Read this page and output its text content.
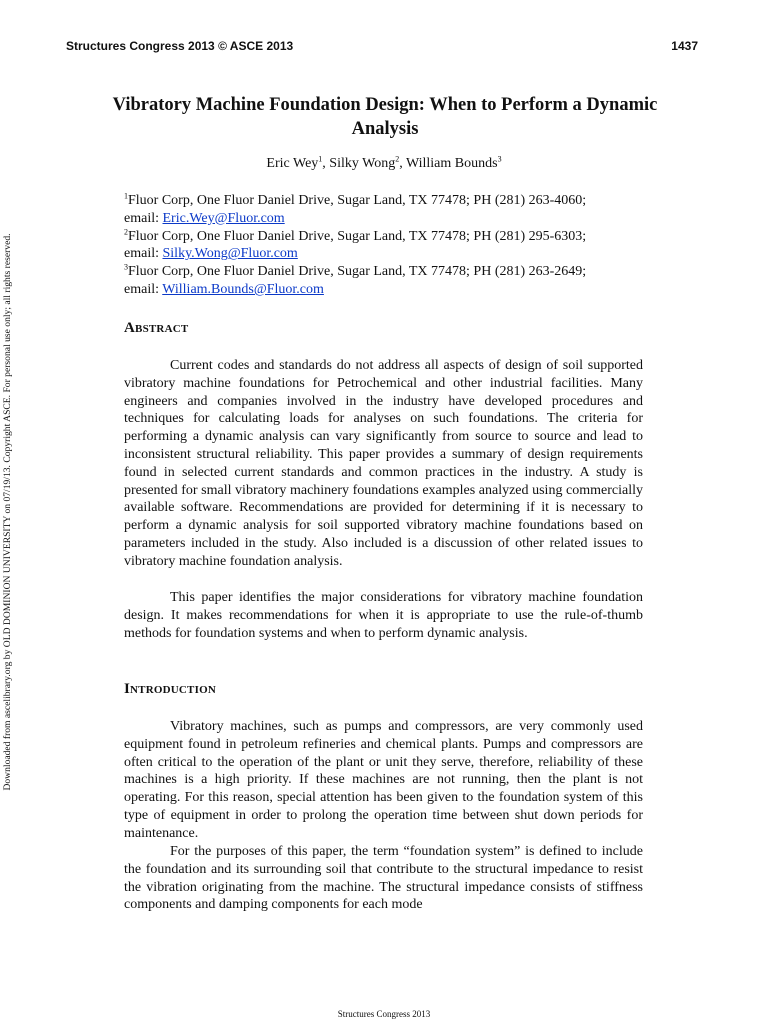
Structures Congress 2013 © ASCE 2013	1437
Downloaded from ascelibrary.org by OLD DOMINION UNIVERSITY on 07/19/13. Copyright ASCE. For personal use only; all rights reserved.
Vibratory Machine Foundation Design: When to Perform a Dynamic Analysis
Eric Wey$^1$, Silky Wong$^2$, William Bounds$^3$
$^1$Fluor Corp, One Fluor Daniel Drive, Sugar Land, TX 77478; PH (281) 263-4060;
email: Eric.Wey@Fluor.com
$^2$Fluor Corp, One Fluor Daniel Drive, Sugar Land, TX 77478; PH (281) 295-6303;
email: Silky.Wong@Fluor.com
$^3$Fluor Corp, One Fluor Daniel Drive, Sugar Land, TX 77478; PH (281) 263-2649;
email: William.Bounds@Fluor.com
Abstract

Current codes and standards do not address all aspects of design of soil supported vibratory machine foundations for Petrochemical and other industrial facilities. Many engineers and companies involved in the industry have developed procedures and techniques for calculating loads for analyses on such foundations. The criteria for performing a dynamic analysis can vary significantly from source to source and lead to inconsistent structural reliability. This paper provides a summary of design requirements found in selected current standards and common practices in the industry. A study is presented for small vibratory machinery foundations examples analyzed using commercially available software. Recommendations are provided for determining if it is necessary to perform a dynamic analysis for soil supported vibratory machine foundations based on parameters included in the study. Also included is a discussion of other related issues to vibratory machine foundation analysis.

This paper identifies the major considerations for vibratory machine foundation design. It makes recommendations for when it is appropriate to use the rule-of-thumb methods for foundation systems and when to perform dynamic analysis.

Introduction

Vibratory machines, such as pumps and compressors, are very commonly used equipment found in petroleum refineries and chemical plants. Pumps and compressors are often critical to the operation of the plant or unit they serve, therefore, reliability of these machines is a high priority. If these machines are not running, then the plant is not operating. For this reason, special attention has been given to the foundation system of this type of equipment in order to prolong the operation time between shut down periods for maintenance.

For the purposes of this paper, the term “foundation system” is defined to include the foundation and its surrounding soil that contribute to the structural impedance to resist the vibration originating from the machine. The structural impedance consists of stiffness components and damping components for each mode

Structures Congress 2013
